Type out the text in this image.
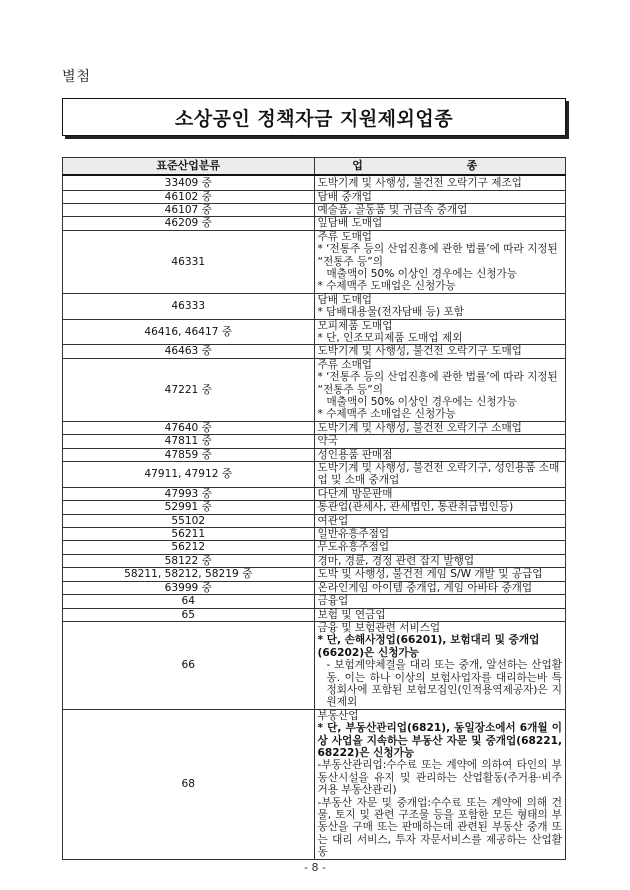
별첨
소상공인 정책자금 지원제외업종
표준산업분류	업 종
33409 중	도박기계 및 사행성, 불건전 오락기구 제조업

46102 중	담배 중개업

46107 중	예술품, 골동품 및 귀금속 중개업

46209 중	잎담배 도매업

46331	주류 도매업
* ‘전통주 등의 산업진흥에 관한 법률’에 따라 지정된 “전통주 등”의
매출액이 50% 이상인 경우에는 신청가능
* 수제맥주 도매업은 신청가능

46333	담배 도매업
* 담배대용물(전자담배 등) 포함

46416, 46417 중	모피제품 도매업
* 단, 인조모피제품 도매업 제외

46463 중	도박기계 및 사행성, 불건전 오락기구 도매업

47221 중	주류 소매업
* ‘전통주 등의 산업진흥에 관한 법률’에 따라 지정된 “전통주 등”의
매출액이 50% 이상인 경우에는 신청가능
* 수제맥주 소매업은 신청가능

47640 중	도박기계 및 사행성, 불건전 오락기구 소매업

47811 중	약국

47859 중	성인용품 판매점

47911, 47912 중	도박기계 및 사행성, 불건전 오락기구, 성인용품 소매업 및 소매 중개업

47993 중	다단계 방문판매

52991 중	통관업(관세사, 관세법인, 통관취급법인등)

55102	여관업

56211	일반유흥주점업

56212	무도유흥주점업

58122 중	경마, 경륜, 경정 관련 잡지 발행업

58211, 58212, 58219 중	도박 및 사행성, 불건전 게임 S/W 개발 및 공급업

63999 중	온라인게임 아이템 중개업, 게임 아바타 중개업

64	금융업

65	보험 및 연금업

66	금융 및 보험관련 서비스업
* 단, 손해사정업(66201), 보험대리 및 중개업(66202)은 신청가능
- 보험계약체결을 대리 또는 중개, 알선하는 산업활동. 이는 하나 이상의 보험사업자를 대리하는바 특정회사에 포함된 보험모집인(인적용역제공자)은 지원제외

68	부동산업
* 단, 부동산관리업(6821), 동일장소에서 6개월 이상 사업을 지속하는 부동산 자문 및 중개업(68221, 68222)은 신청가능
-부동산관리업:수수료 또는 계약에 의하여 타인의 부동산시설을 유지 및 관리하는 산업활동(주거용·비주거용 부동산관리)
-부동산 자문 및 중개업:수수료 또는 계약에 의해 건물, 토지 및 관련 구조물 등을 포함한 모든 형태의 부동산을 구매 또는 판매하는데 관련된 부동산 중개 또는 대리 서비스, 투자 자문서비스를 제공하는 산업활동
- 8 -
